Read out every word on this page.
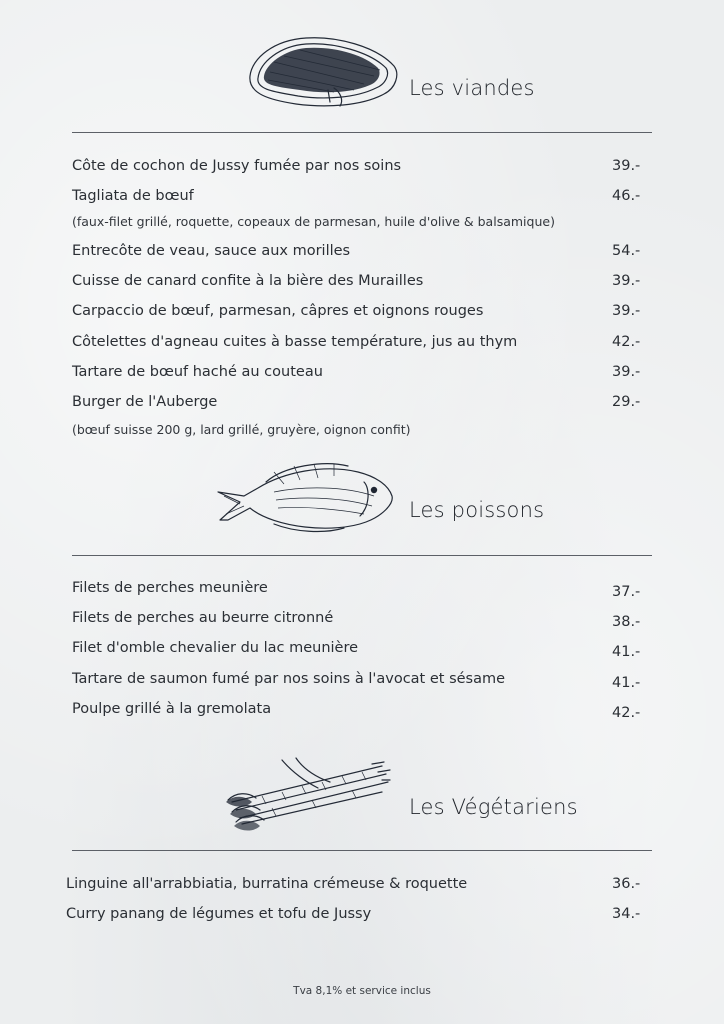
Les viandes
Côte de cochon de Jussy fumée par nos soins	39.-
Tagliata de bœuf	46.-
(faux-filet grillé, roquette, copeaux de parmesan, huile d'olive & balsamique)
Entrecôte de veau, sauce aux morilles	54.-
Cuisse de canard confite à la bière des Murailles	39.-
Carpaccio de bœuf, parmesan, câpres et oignons rouges	39.-
Côtelettes d'agneau cuites à basse température, jus au thym	42.-
Tartare de bœuf haché au couteau	39.-
Burger de l'Auberge	29.-
(bœuf suisse 200 g, lard grillé, gruyère, oignon confit)
Les poissons
Filets de perches meunière	37.-
Filets de perches au beurre citronné	38.-
Filet d'omble chevalier du lac meunière	41.-
Tartare de saumon fumé par nos soins à l'avocat et sésame	41.-
Poulpe grillé à la gremolata	42.-
Les Végétariens
Linguine all'arrabbiatia, burratina crémeuse & roquette	36.-
Curry panang de légumes et tofu de Jussy	34.-
Tva 8,1% et service inclus
